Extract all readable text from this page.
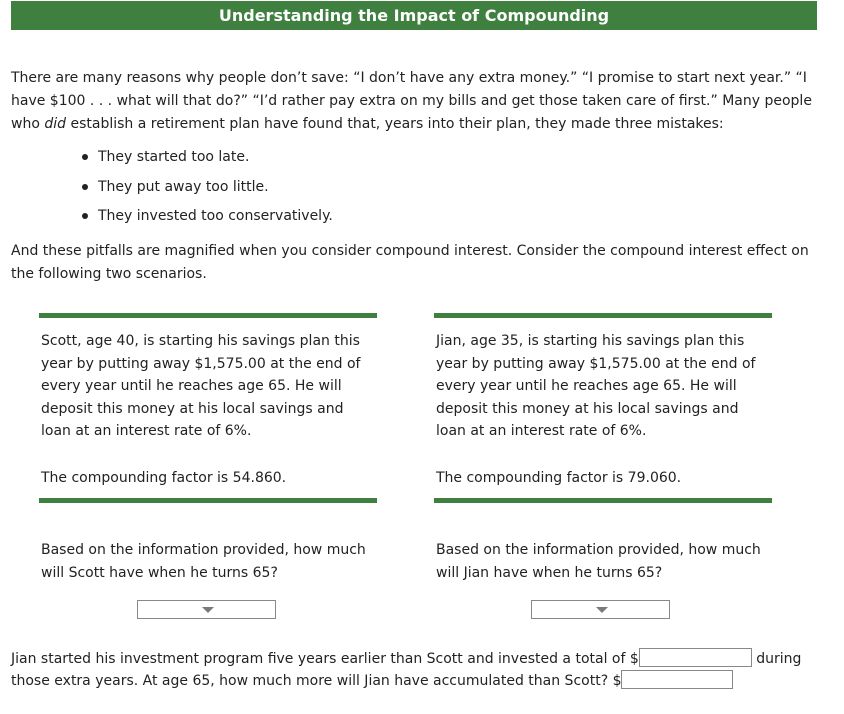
Understanding the Impact of Compounding

There are many reasons why people don’t save: “I don’t have any extra money.” “I promise to start next year.” “I have $100 . . . what will that do?” “I’d rather pay extra on my bills and get those taken care of first.” Many people who did establish a retirement plan have found that, years into their plan, they made three mistakes:

They started too late.
They put away too little.
They invested too conservatively.

And these pitfalls are magnified when you consider compound interest. Consider the compound interest effect on the following two scenarios.

Scott, age 40, is starting his savings plan this year by putting away $1,575.00 at the end of every year until he reaches age 65. He will deposit this money at his local savings and loan at an interest rate of 6%.
The compounding factor is 54.860.
Based on the information provided, how much will Scott have when he turns 65?
Jian, age 35, is starting his savings plan this year by putting away $1,575.00 at the end of every year until he reaches age 65. He will deposit this money at his local savings and loan at an interest rate of 6%.
The compounding factor is 79.060.
Based on the information provided, how much will Jian have when he turns 65?

Jian started his investment program five years earlier than Scott and invested a total of $	during those extra years. At age 65, how much more will Jian have accumulated than Scott? $
